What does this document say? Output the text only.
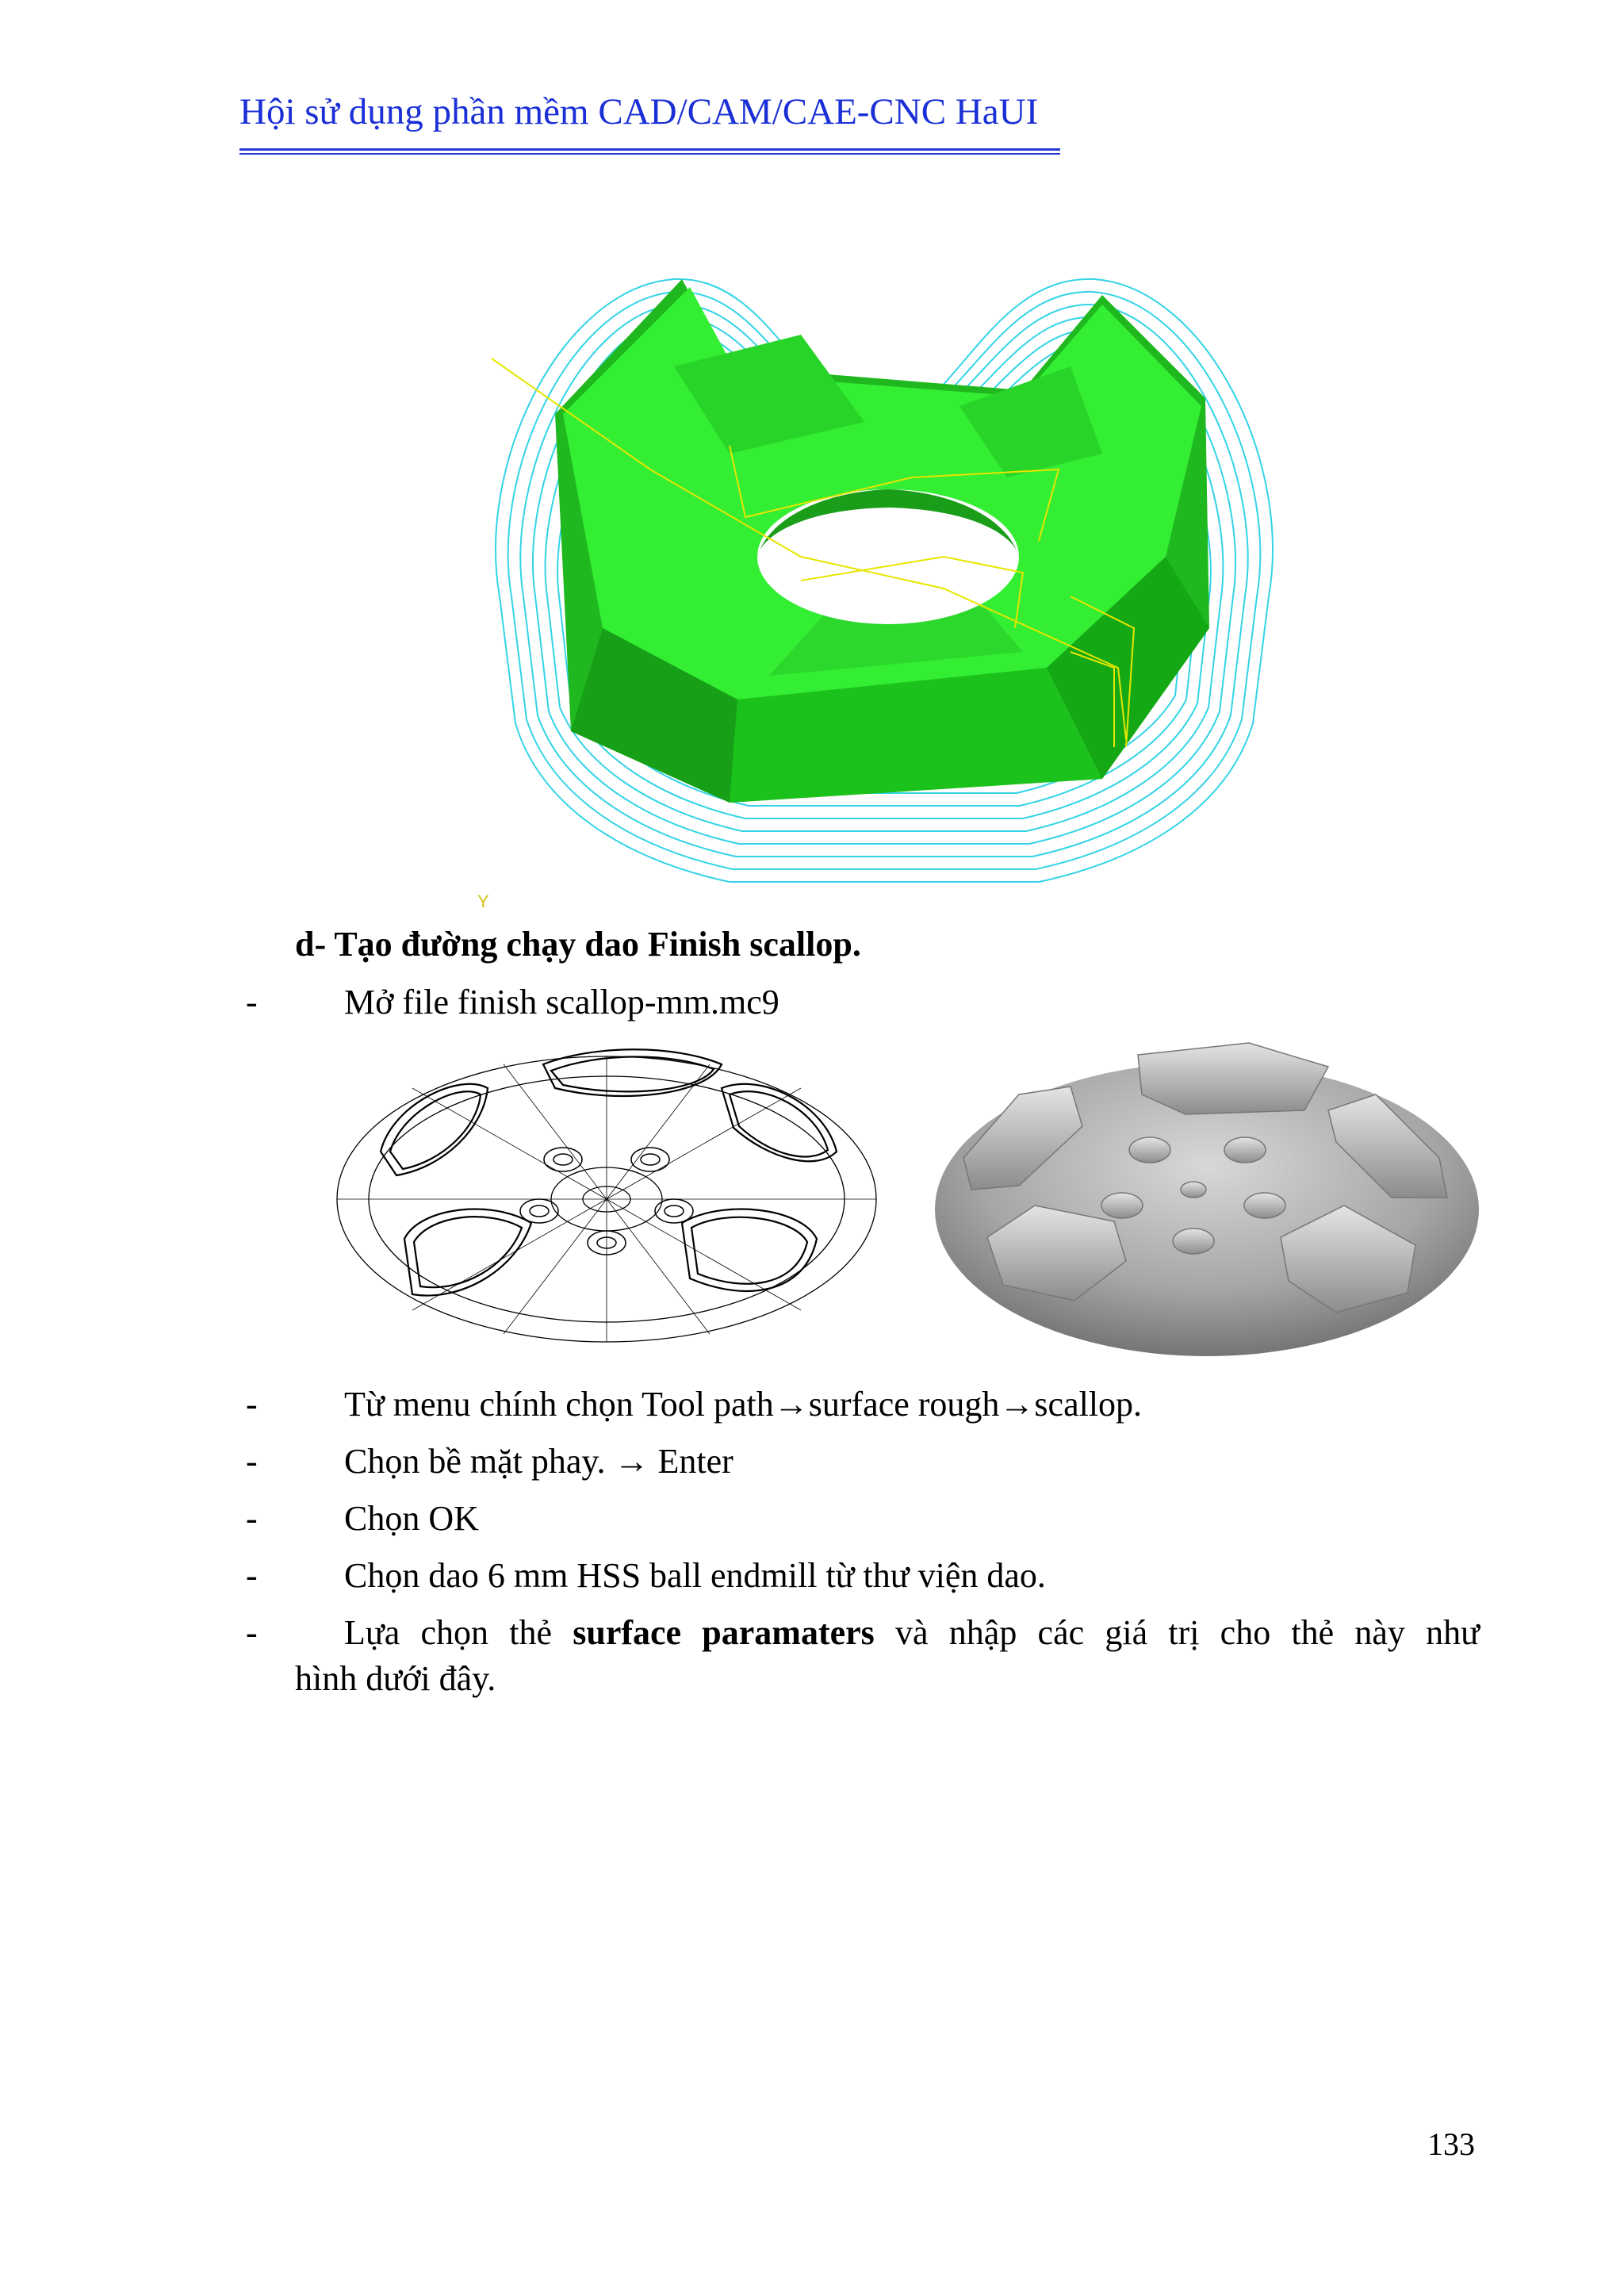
Hội sử dụng phần mềm CAD/CAM/CAE-CNC HaUI
Y
d- Tạo đường chạy dao Finish scallop.
- Mở file finish scallop-mm.mc9
- Từ menu chính chọn Tool path→surface rough→scallop.
- Chọn bề mặt phay. → Enter
- Chọn OK
- Chọn dao 6 mm HSS ball endmill từ thư viện dao.
-	Lựa chọn thẻ surface paramaters và nhập các giá trị cho thẻ này như
hình dưới đây.
133
